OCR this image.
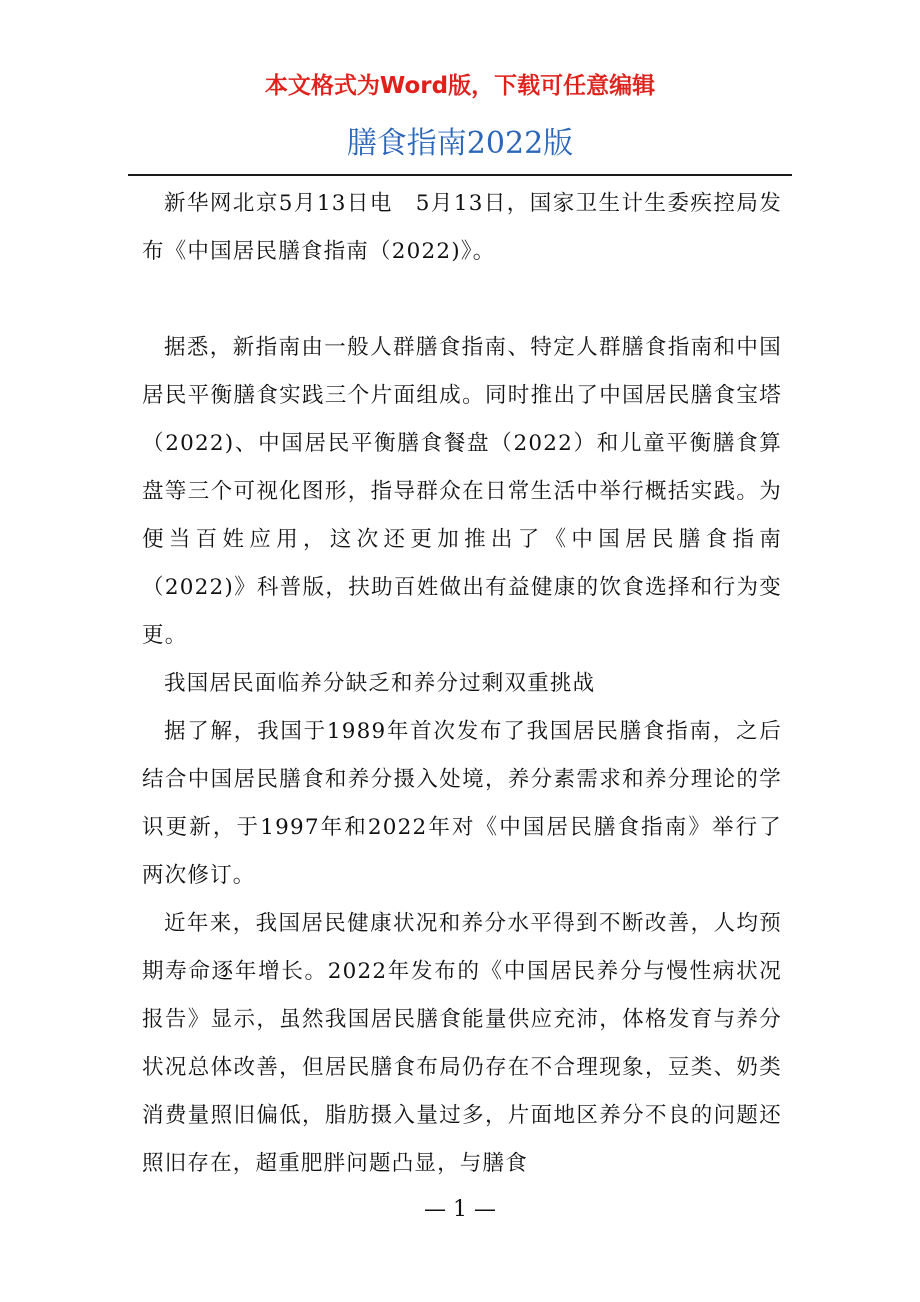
本文格式为Word版，下载可任意编辑
膳食指南2022版

新华网北京5月13日电　5月13日，国家卫生计生委疾控局发布《中国居民膳食指南（2022)》。

据悉，新指南由一般人群膳食指南、特定人群膳食指南和中国居民平衡膳食实践三个片面组成。同时推出了中国居民膳食宝塔（2022)、中国居民平衡膳食餐盘（2022）和儿童平衡膳食算盘等三个可视化图形，指导群众在日常生活中举行概括实践。为便当百姓应用，这次还更加推出了《中国居民膳食指南（2022)》科普版，扶助百姓做出有益健康的饮食选择和行为变更。

我国居民面临养分缺乏和养分过剩双重挑战

据了解，我国于1989年首次发布了我国居民膳食指南，之后结合中国居民膳食和养分摄入处境，养分素需求和养分理论的学识更新，于1997年和2022年对《中国居民膳食指南》举行了两次修订。

近年来，我国居民健康状况和养分水平得到不断改善，人均预期寿命逐年增长。2022年发布的《中国居民养分与慢性病状况报告》显示，虽然我国居民膳食能量供应充沛，体格发育与养分状况总体改善，但居民膳食布局仍存在不合理现象，豆类、奶类消费量照旧偏低，脂肪摄入量过多，片面地区养分不良的问题还照旧存在，超重肥胖问题凸显，与膳食

— 1 —
